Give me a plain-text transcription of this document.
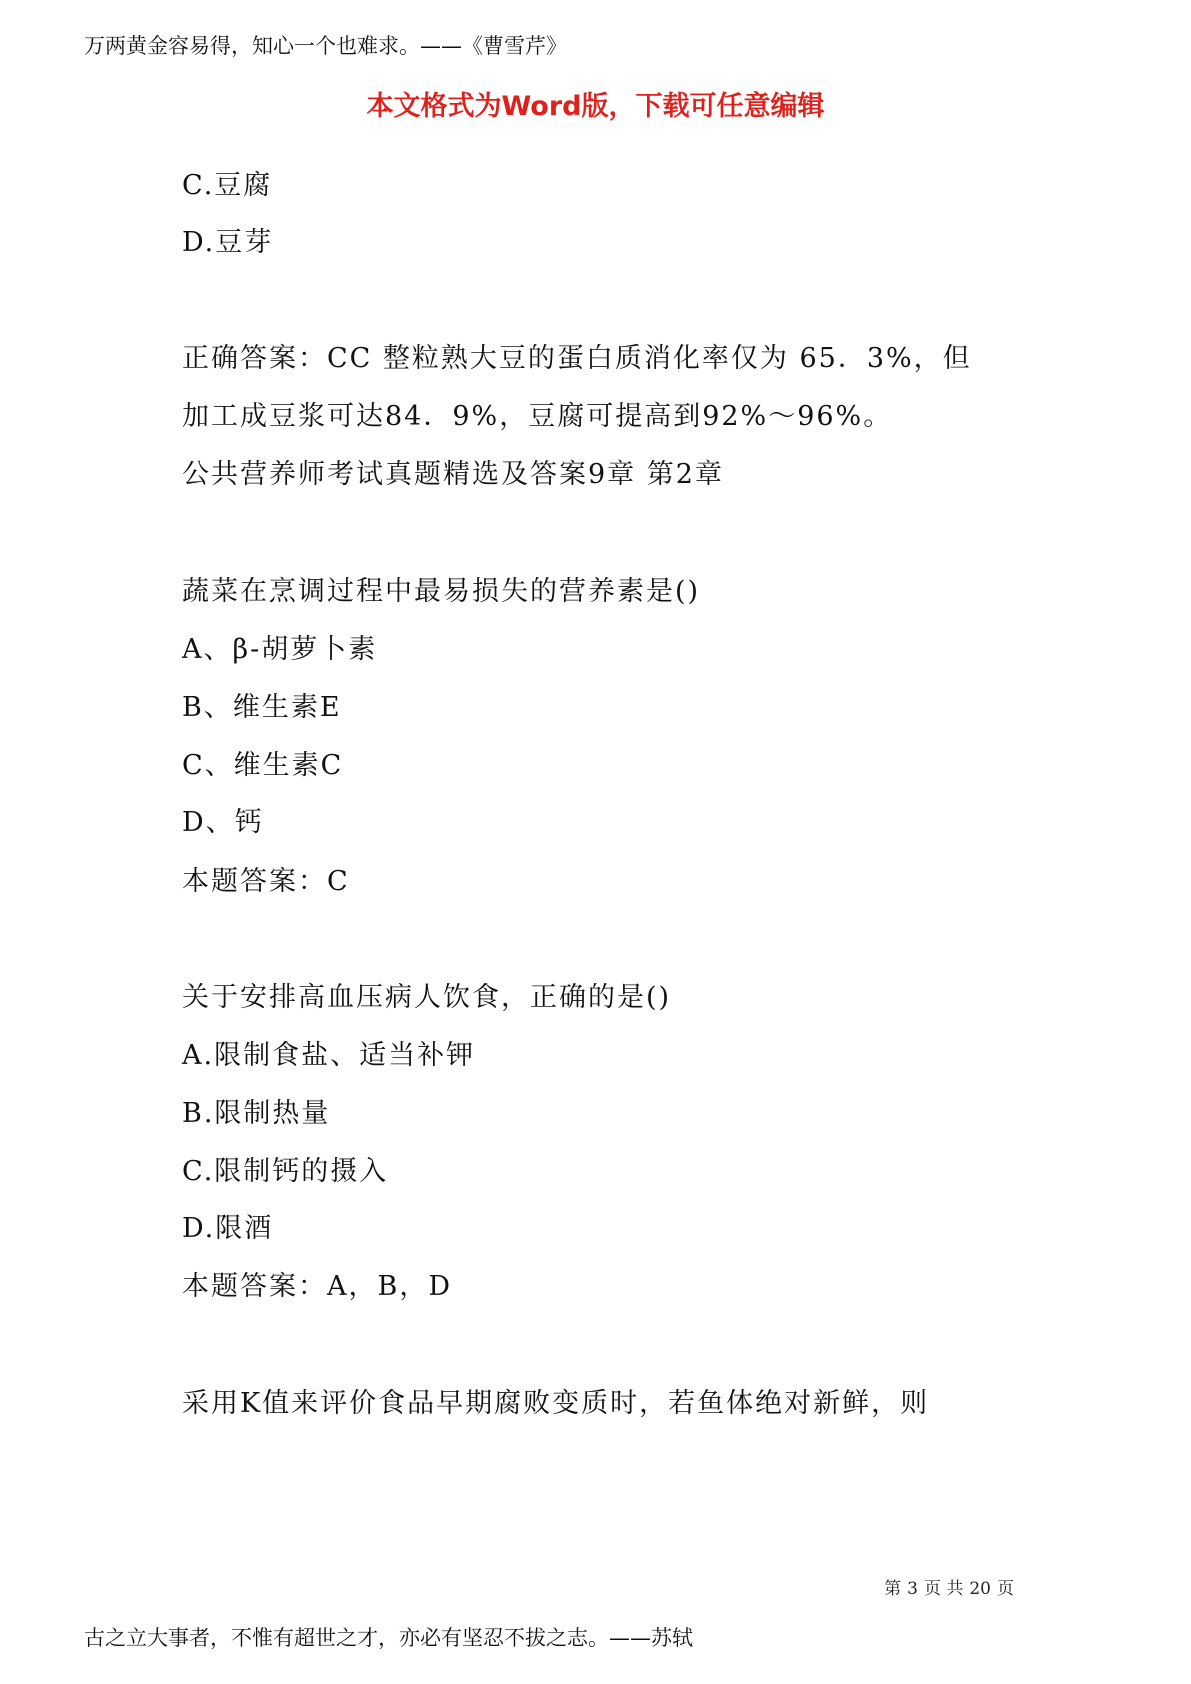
万两黄金容易得，知心一个也难求。——《曹雪芹》
本文格式为Word版，下载可任意编辑
C.豆腐
D.豆芽
正确答案：CC 整粒熟大豆的蛋白质消化率仅为 65．3%，但
加工成豆浆可达84．9%，豆腐可提高到92%～96%。
公共营养师考试真题精选及答案9章 第2章
蔬菜在烹调过程中最易损失的营养素是()
A、β-胡萝卜素
B、维生素E
C、维生素C
D、钙
本题答案：C
关于安排高血压病人饮食，正确的是()
A.限制食盐、适当补钾
B.限制热量
C.限制钙的摄入
D.限酒
本题答案：A，B，D
采用K值来评价食品早期腐败变质时，若鱼体绝对新鲜，则
第 3 页 共 20 页
古之立大事者，不惟有超世之才，亦必有坚忍不拔之志。——苏轼
